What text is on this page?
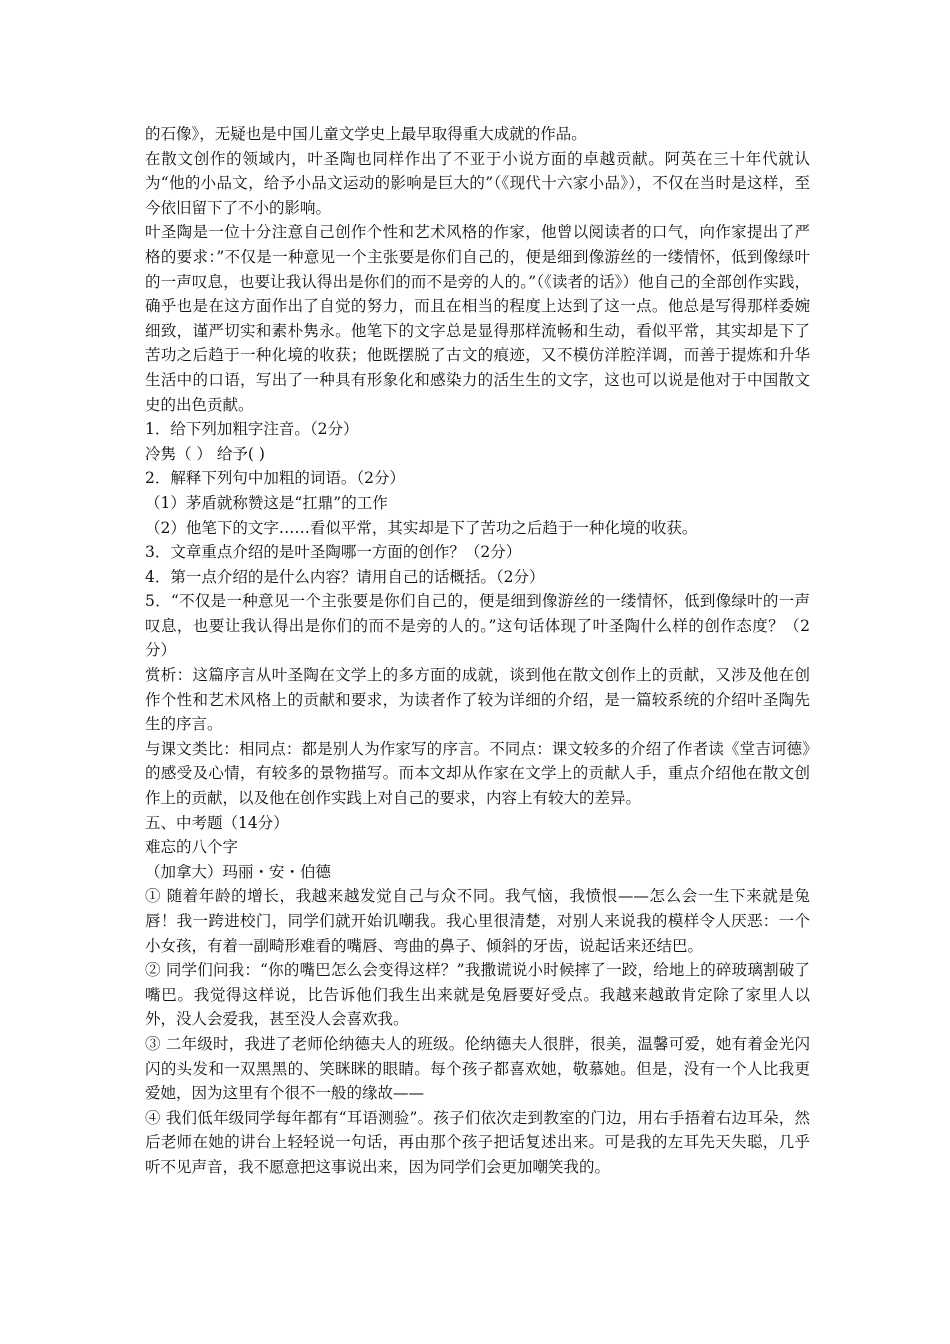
的石像》，无疑也是中国儿童文学史上最早取得重大成就的作品。

在散文创作的领域内，叶圣陶也同样作出了不亚于小说方面的卓越贡献。阿英在三十年代就认为“他的小品文，给予小品文运动的影响是巨大的”（《现代十六家小品》），不仅在当时是这样，至今依旧留下了不小的影响。

叶圣陶是一位十分注意自己创作个性和艺术风格的作家，他曾以阅读者的口气，向作家提出了严格的要求：”不仅是一种意见一个主张要是你们自己的，便是细到像游丝的一缕情怀，低到像绿叶的一声叹息，也要让我认得出是你们的而不是旁的人的。”（《读者的话》）他自己的全部创作实践，确乎也是在这方面作出了自觉的努力，而且在相当的程度上达到了这一点。他总是写得那样委婉细致，谨严切实和素朴隽永。他笔下的文字总是显得那样流畅和生动，看似平常，其实却是下了苦功之后趋于一种化境的收获；他既摆脱了古文的痕迹，又不模仿洋腔洋调，而善于提炼和升华生活中的口语，写出了一种具有形象化和感染力的活生生的文字，这也可以说是他对于中国散文史的出色贡献。

1．给下列加粗字注音。（2分）

冷隽（ ） 给予( )

2．解释下列句中加粗的词语。（2分）

（1）茅盾就称赞这是“扛鼎”的工作

（2）他笔下的文字……看似平常，其实却是下了苦功之后趋于一种化境的收获。

3．文章重点介绍的是叶圣陶哪一方面的创作？（2分）

4．第一点介绍的是什么内容？请用自己的话概括。（2分）

5．“不仅是一种意见一个主张要是你们自己的，便是细到像游丝的一缕情怀，低到像绿叶的一声叹息，也要让我认得出是你们的而不是旁的人的。”这句话体现了叶圣陶什么样的创作态度？（2分）

赏析：这篇序言从叶圣陶在文学上的多方面的成就，谈到他在散文创作上的贡献，又涉及他在创作个性和艺术风格上的贡献和要求，为读者作了较为详细的介绍，是一篇较系统的介绍叶圣陶先生的序言。

与课文类比：相同点：都是别人为作家写的序言。不同点：课文较多的介绍了作者读《堂吉诃德》的感受及心情，有较多的景物描写。而本文却从作家在文学上的贡献人手，重点介绍他在散文创作上的贡献，以及他在创作实践上对自己的要求，内容上有较大的差异。

五、中考题（14分）

难忘的八个字

（加拿大）玛丽・安・伯德

① 随着年龄的增长，我越来越发觉自己与众不同。我气恼，我愤恨——怎么会一生下来就是兔唇！我一跨进校门，同学们就开始讥嘲我。我心里很清楚，对别人来说我的模样令人厌恶：一个小女孩，有着一副畸形难看的嘴唇、弯曲的鼻子、倾斜的牙齿，说起话来还结巴。

② 同学们问我：“你的嘴巴怎么会变得这样？”我撒谎说小时候摔了一跤，给地上的碎玻璃割破了嘴巴。我觉得这样说，比告诉他们我生出来就是兔唇要好受点。我越来越敢肯定除了家里人以外，没人会爱我，甚至没人会喜欢我。

③ 二年级时，我进了老师伦纳德夫人的班级。伦纳德夫人很胖，很美，温馨可爱，她有着金光闪闪的头发和一双黑黑的、笑眯眯的眼睛。每个孩子都喜欢她，敬慕她。但是，没有一个人比我更爱她，因为这里有个很不一般的缘故——

④ 我们低年级同学每年都有“耳语测验”。孩子们依次走到教室的门边，用右手捂着右边耳朵，然后老师在她的讲台上轻轻说一句话，再由那个孩子把话复述出来。可是我的左耳先天失聪，几乎听不见声音，我不愿意把这事说出来，因为同学们会更加嘲笑我的。
